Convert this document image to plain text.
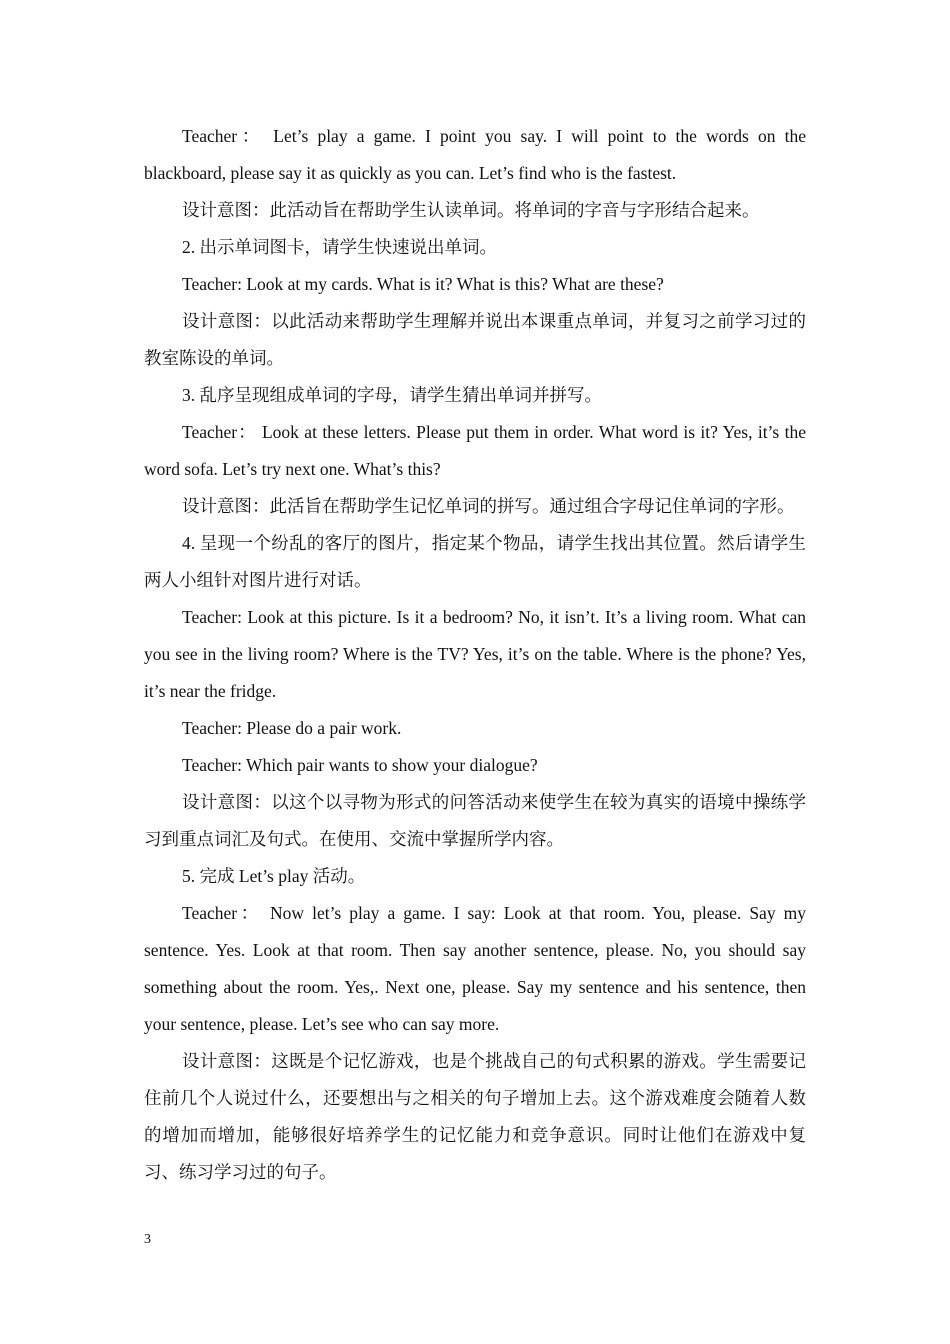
Teacher： Let’s play a game. I point you say. I will point to the words on the blackboard, please say it as quickly as you can. Let’s find who is the fastest.

设计意图：此活动旨在帮助学生认读单词。将单词的字音与字形结合起来。

2. 出示单词图卡，请学生快速说出单词。

Teacher: Look at my cards. What is it? What is this? What are these?

设计意图：以此活动来帮助学生理解并说出本课重点单词，并复习之前学习过的教室陈设的单词。

3. 乱序呈现组成单词的字母，请学生猜出单词并拼写。

Teacher： Look at these letters. Please put them in order. What word is it? Yes, it’s the word sofa. Let’s try next one. What’s this?

设计意图：此活旨在帮助学生记忆单词的拼写。通过组合字母记住单词的字形。

4. 呈现一个纷乱的客厅的图片，指定某个物品，请学生找出其位置。然后请学生两人小组针对图片进行对话。

Teacher: Look at this picture. Is it a bedroom? No, it isn’t. It’s a living room. What can you see in the living room? Where is the TV? Yes, it’s on the table. Where is the phone? Yes, it’s near the fridge.

Teacher: Please do a pair work.

Teacher: Which pair wants to show your dialogue?

设计意图：以这个以寻物为形式的问答活动来使学生在较为真实的语境中操练学习到重点词汇及句式。在使用、交流中掌握所学内容。

5. 完成 Let’s play 活动。

Teacher： Now let’s play a game. I say: Look at that room. You, please. Say my sentence. Yes. Look at that room. Then say another sentence, please. No, you should say something about the room. Yes,. Next one, please. Say my sentence and his sentence, then your sentence, please. Let’s see who can say more.

设计意图：这既是个记忆游戏，也是个挑战自己的句式积累的游戏。学生需要记住前几个人说过什么，还要想出与之相关的句子增加上去。这个游戏难度会随着人数的增加而增加，能够很好培养学生的记忆能力和竞争意识。同时让他们在游戏中复习、练习学习过的句子。

3
